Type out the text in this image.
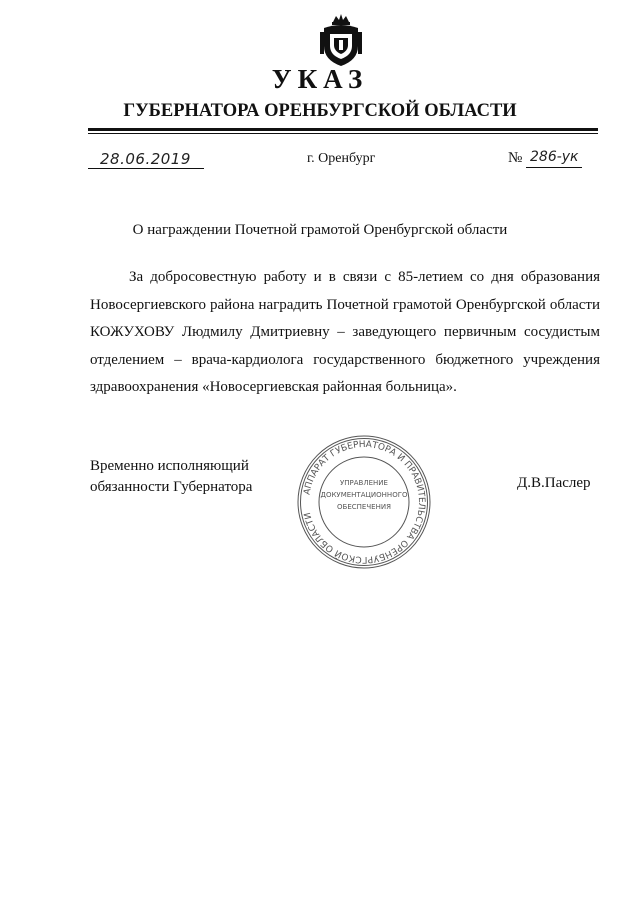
УКАЗ
ГУБЕРНАТОРА ОРЕНБУРГСКОЙ ОБЛАСТИ
28.06.2019	г. Оренбург	№ 286-ук
О награждении Почетной грамотой Оренбургской области

За добросовестную работу и в связи с 85-летием со дня образования Новосергиевского района наградить Почетной грамотой Оренбургской области КОЖУХОВУ Людмилу Дмитриевну – заведующего первичным сосудистым отделением – врача-кардиолога государственного бюджетного учреждения здравоохранения «Новосергиевская районная больница».

Временно исполняющий
обязанности Губернатора	Д.В.Паслер
АППАРАТ ГУБЕРНАТОРА И ПРАВИТЕЛЬСТВА ОРЕНБУРГСКОЙ ОБЛАСТИ
УПРАВЛЕНИЕ
ДОКУМЕНТАЦИОННОГО
ОБЕСПЕЧЕНИЯ
